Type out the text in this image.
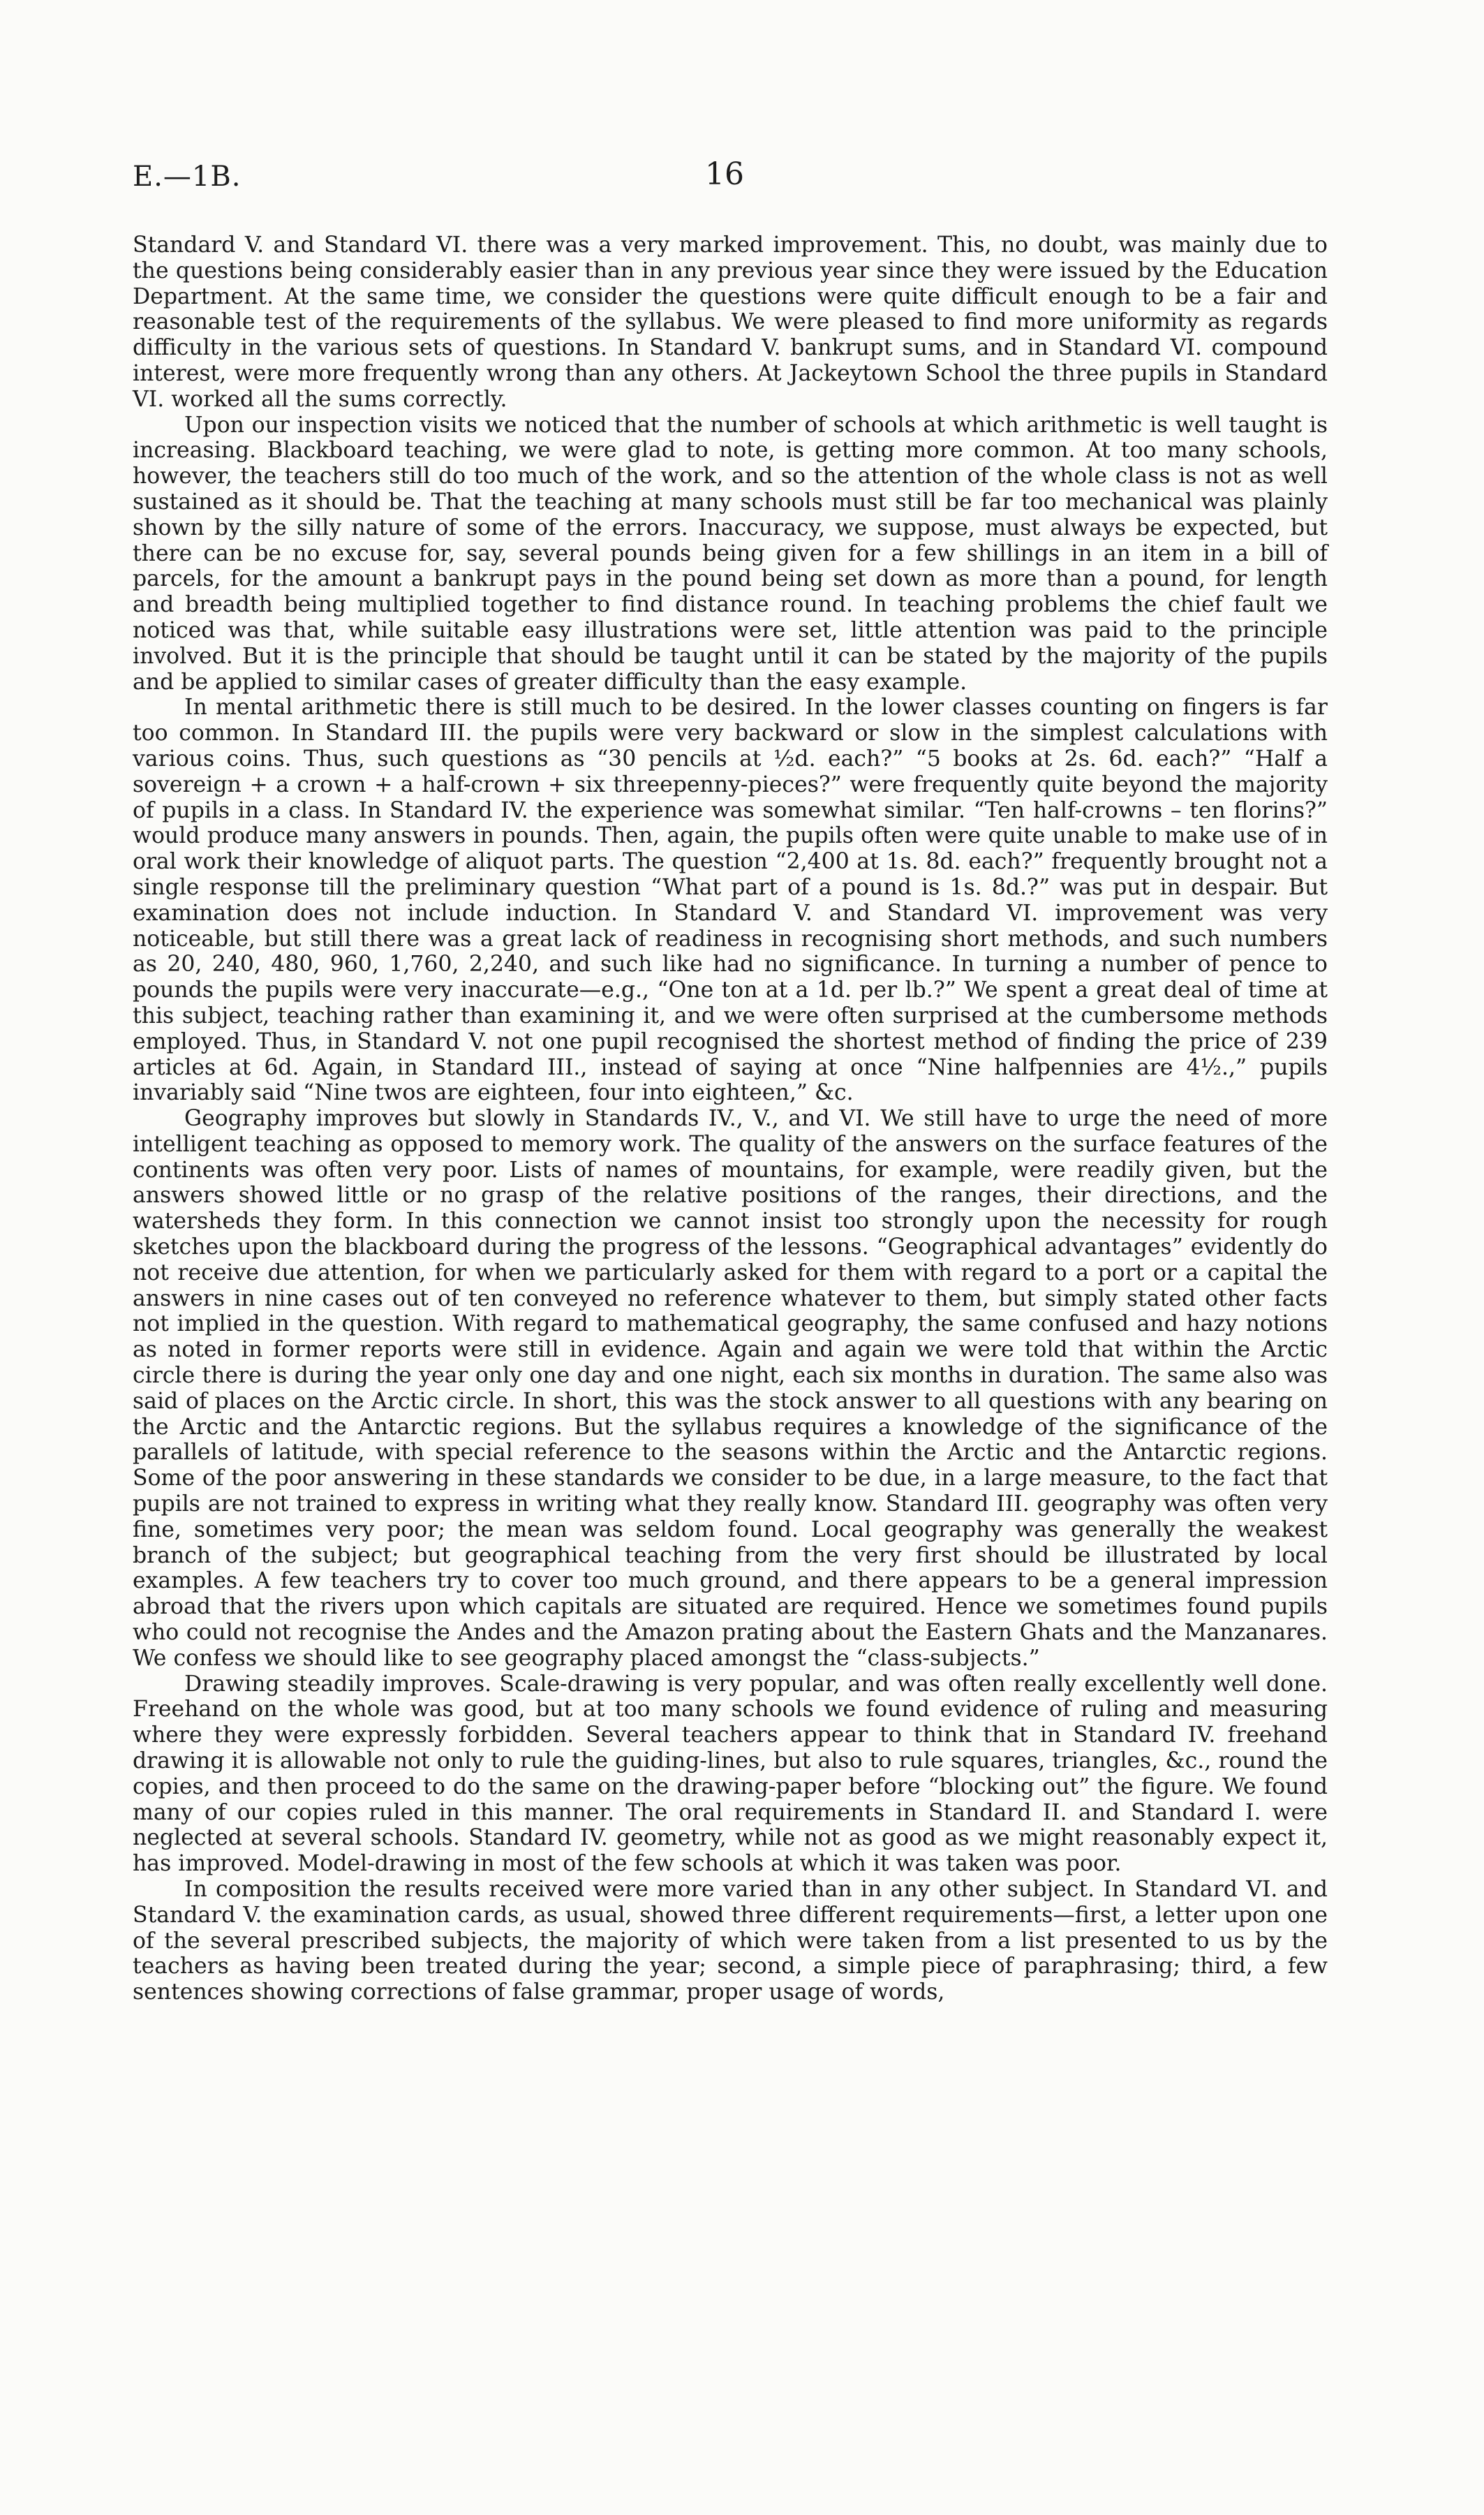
E.—1B.	16

Standard V. and Standard VI. there was a very marked improvement. This, no doubt, was mainly due to the questions being considerably easier than in any previous year since they were issued by the Education Department. At the same time, we consider the questions were quite difficult enough to be a fair and reasonable test of the requirements of the syllabus. We were pleased to find more uniformity as regards difficulty in the various sets of questions. In Standard V. bankrupt sums, and in Standard VI. compound interest, were more frequently wrong than any others. At Jackeytown School the three pupils in Standard VI. worked all the sums correctly.

Upon our inspection visits we noticed that the number of schools at which arithmetic is well taught is increasing. Blackboard teaching, we were glad to note, is getting more common. At too many schools, however, the teachers still do too much of the work, and so the attention of the whole class is not as well sustained as it should be. That the teaching at many schools must still be far too mechanical was plainly shown by the silly nature of some of the errors. Inaccuracy, we suppose, must always be expected, but there can be no excuse for, say, several pounds being given for a few shillings in an item in a bill of parcels, for the amount a bankrupt pays in the pound being set down as more than a pound, for length and breadth being multiplied together to find distance round. In teaching problems the chief fault we noticed was that, while suitable easy illustrations were set, little attention was paid to the principle involved. But it is the principle that should be taught until it can be stated by the majority of the pupils and be applied to similar cases of greater difficulty than the easy example.

In mental arithmetic there is still much to be desired. In the lower classes counting on fingers is far too common. In Standard III. the pupils were very backward or slow in the simplest calculations with various coins. Thus, such questions as “30 pencils at ½d. each?” “5 books at 2s. 6d. each?” “Half a sovereign + a crown + a half-crown + six threepenny-pieces?” were frequently quite beyond the majority of pupils in a class. In Standard IV. the experience was somewhat similar. “Ten half-crowns – ten florins?” would produce many answers in pounds. Then, again, the pupils often were quite unable to make use of in oral work their knowledge of aliquot parts. The question “2,400 at 1s. 8d. each?” frequently brought not a single response till the preliminary question “What part of a pound is 1s. 8d.?” was put in despair. But examination does not include induction. In Standard V. and Standard VI. improvement was very noticeable, but still there was a great lack of readiness in recognising short methods, and such numbers as 20, 240, 480, 960, 1,760, 2,240, and such like had no significance. In turning a number of pence to pounds the pupils were very inaccurate—e.g., “One ton at a 1d. per lb.?” We spent a great deal of time at this subject, teaching rather than examining it, and we were often surprised at the cumbersome methods employed. Thus, in Standard V. not one pupil recognised the shortest method of finding the price of 239 articles at 6d. Again, in Standard III., instead of saying at once “Nine halfpennies are 4½.,” pupils invariably said “Nine twos are eighteen, four into eighteen,” &c.

Geography improves but slowly in Standards IV., V., and VI. We still have to urge the need of more intelligent teaching as opposed to memory work. The quality of the answers on the surface features of the continents was often very poor. Lists of names of mountains, for example, were readily given, but the answers showed little or no grasp of the relative positions of the ranges, their directions, and the watersheds they form. In this connection we cannot insist too strongly upon the necessity for rough sketches upon the blackboard during the progress of the lessons. “Geographical advantages” evidently do not receive due attention, for when we particularly asked for them with regard to a port or a capital the answers in nine cases out of ten conveyed no reference whatever to them, but simply stated other facts not implied in the question. With regard to mathematical geography, the same confused and hazy notions as noted in former reports were still in evidence. Again and again we were told that within the Arctic circle there is during the year only one day and one night, each six months in duration. The same also was said of places on the Arctic circle. In short, this was the stock answer to all questions with any bearing on the Arctic and the Antarctic regions. But the syllabus requires a knowledge of the significance of the parallels of latitude, with special reference to the seasons within the Arctic and the Antarctic regions. Some of the poor answering in these standards we consider to be due, in a large measure, to the fact that pupils are not trained to express in writing what they really know. Standard III. geography was often very fine, sometimes very poor; the mean was seldom found. Local geography was generally the weakest branch of the subject; but geographical teaching from the very first should be illustrated by local examples. A few teachers try to cover too much ground, and there appears to be a general impression abroad that the rivers upon which capitals are situated are required. Hence we sometimes found pupils who could not recognise the Andes and the Amazon prating about the Eastern Ghats and the Manzanares. We confess we should like to see geography placed amongst the “class-subjects.”

Drawing steadily improves. Scale-drawing is very popular, and was often really excellently well done. Freehand on the whole was good, but at too many schools we found evidence of ruling and measuring where they were expressly forbidden. Several teachers appear to think that in Standard IV. freehand drawing it is allowable not only to rule the guiding-lines, but also to rule squares, triangles, &c., round the copies, and then proceed to do the same on the drawing-paper before “blocking out” the figure. We found many of our copies ruled in this manner. The oral requirements in Standard II. and Standard I. were neglected at several schools. Standard IV. geometry, while not as good as we might reasonably expect it, has improved. Model-drawing in most of the few schools at which it was taken was poor.

In composition the results received were more varied than in any other subject. In Standard VI. and Standard V. the examination cards, as usual, showed three different requirements—first, a letter upon one of the several prescribed subjects, the majority of which were taken from a list presented to us by the teachers as having been treated during the year; second, a simple piece of paraphrasing; third, a few sentences showing corrections of false grammar, proper usage of words,
